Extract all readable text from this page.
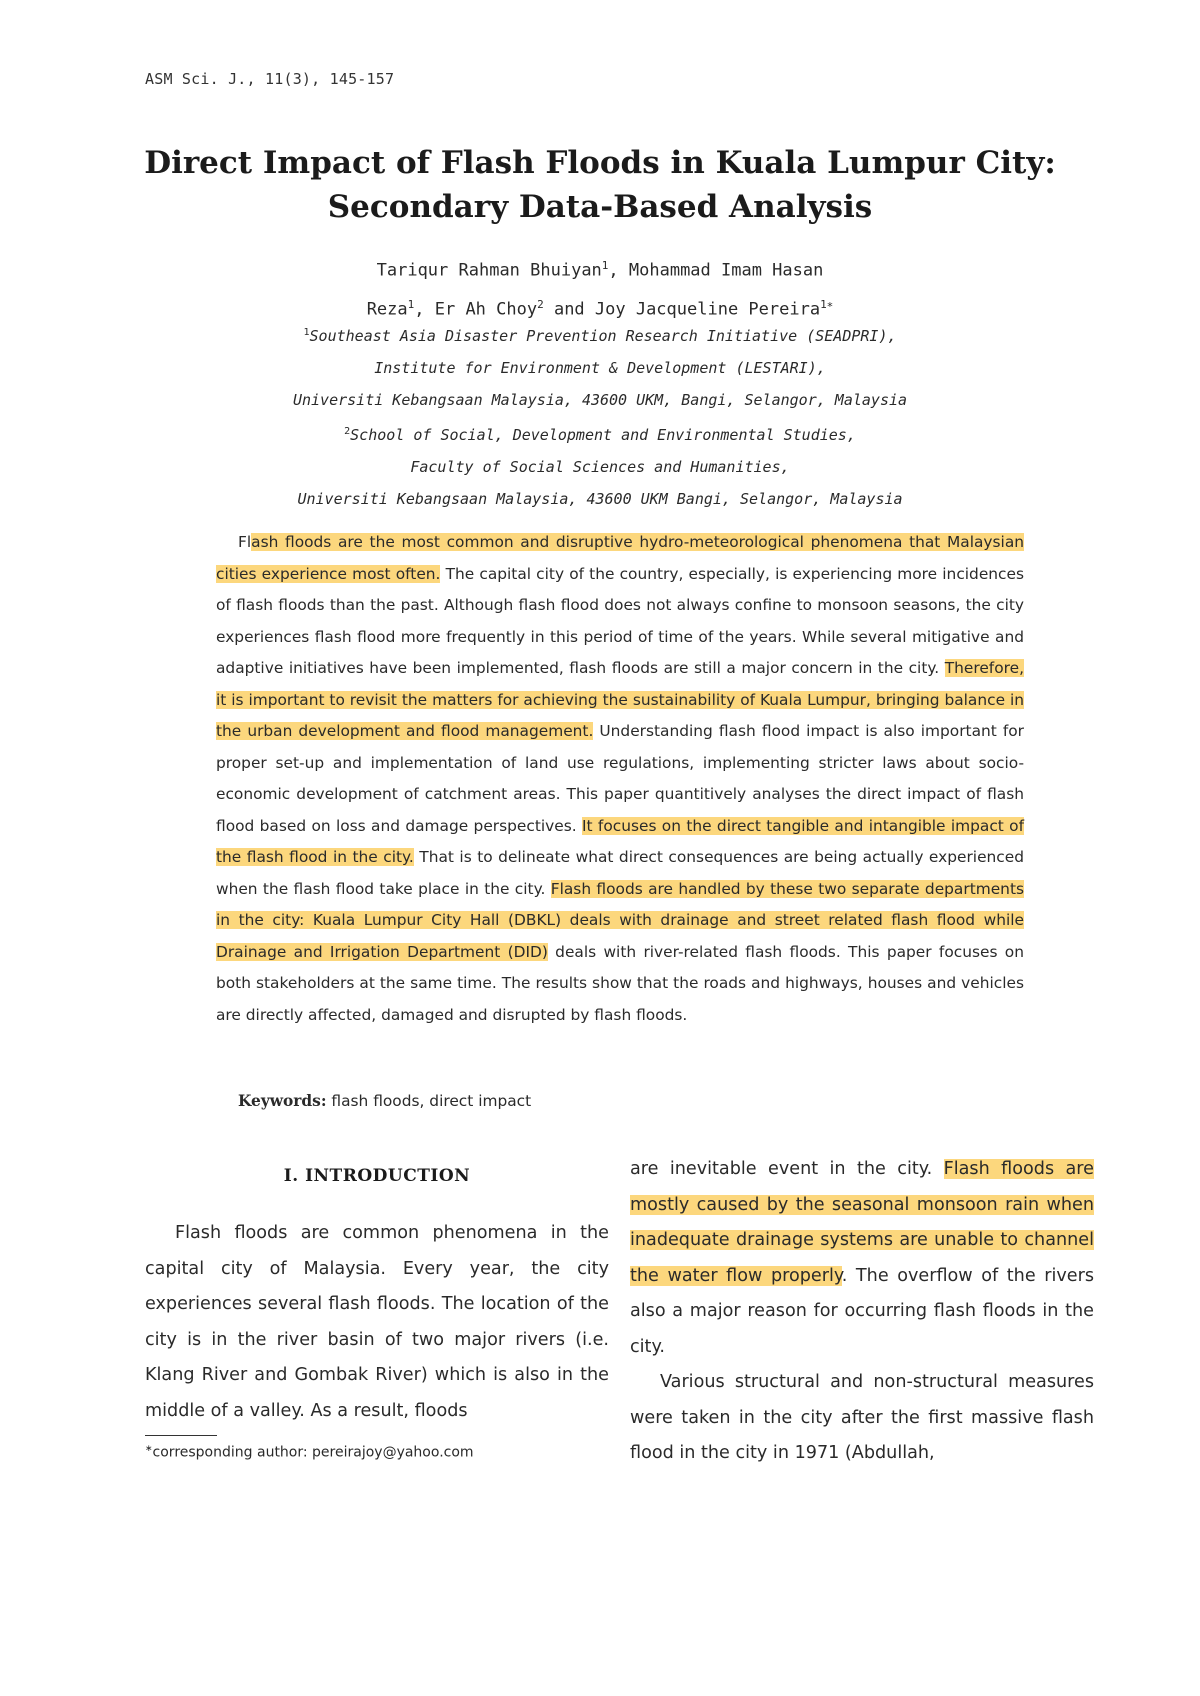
ASM Sci. J., 11(3), 145-157
Direct Impact of Flash Floods in Kuala Lumpur City:
Secondary Data-Based Analysis
Tariqur Rahman Bhuiyan$^1$, Mohammad Imam Hasan
Reza$^1$, Er Ah Choy$^2$ and Joy Jacqueline Pereira$^{1∗}$
$^1$Southeast Asia Disaster Prevention Research Initiative (SEADPRI),
Institute for Environment & Development (LESTARI),
Universiti Kebangsaan Malaysia, 43600 UKM, Bangi, Selangor, Malaysia
$^2$School of Social, Development and Environmental Studies,
Faculty of Social Sciences and Humanities,
Universiti Kebangsaan Malaysia, 43600 UKM Bangi, Selangor, Malaysia
Flash floods are the most common and disruptive hydro-meteorological phenomena that Malaysian cities experience most often. The capital city of the country, especially, is experiencing more incidences of flash floods than the past. Although flash flood does not always confine to monsoon seasons, the city experiences flash flood more frequently in this period of time of the years. While several mitigative and adaptive initiatives have been implemented, flash floods are still a major concern in the city. Therefore, it is important to revisit the matters for achieving the sustainability of Kuala Lumpur, bringing balance in the urban development and flood management. Understanding flash flood impact is also important for proper set-up and implementation of land use regulations, implementing stricter laws about socio-economic development of catchment areas. This paper quantitively analyses the direct impact of flash flood based on loss and damage perspectives. It focuses on the direct tangible and intangible impact of the flash flood in the city. That is to delineate what direct consequences are being actually experienced when the flash flood take place in the city. Flash floods are handled by these two separate departments in the city: Kuala Lumpur City Hall (DBKL) deals with drainage and street related flash flood while Drainage and Irrigation Department (DID) deals with river-related flash floods. This paper focuses on both stakeholders at the same time. The results show that the roads and highways, houses and vehicles are directly affected, damaged and disrupted by flash floods.
Keywords: flash floods, direct impact
I. INTRODUCTION
Flash floods are common phenomena in the capital city of Malaysia. Every year, the city experiences several flash floods. The location of the city is in the river basin of two major rivers (i.e. Klang River and Gombak River) which is also in the middle of a valley. As a result, floods

are inevitable event in the city. Flash floods are mostly caused by the seasonal monsoon rain when inadequate drainage systems are unable to channel the water flow properly. The overflow of the rivers also a major reason for occurring flash floods in the city.

Various structural and non-structural measures were taken in the city after the first massive flash flood in the city in 1971 (Abdullah,

∗corresponding author: pereirajoy@yahoo.com
